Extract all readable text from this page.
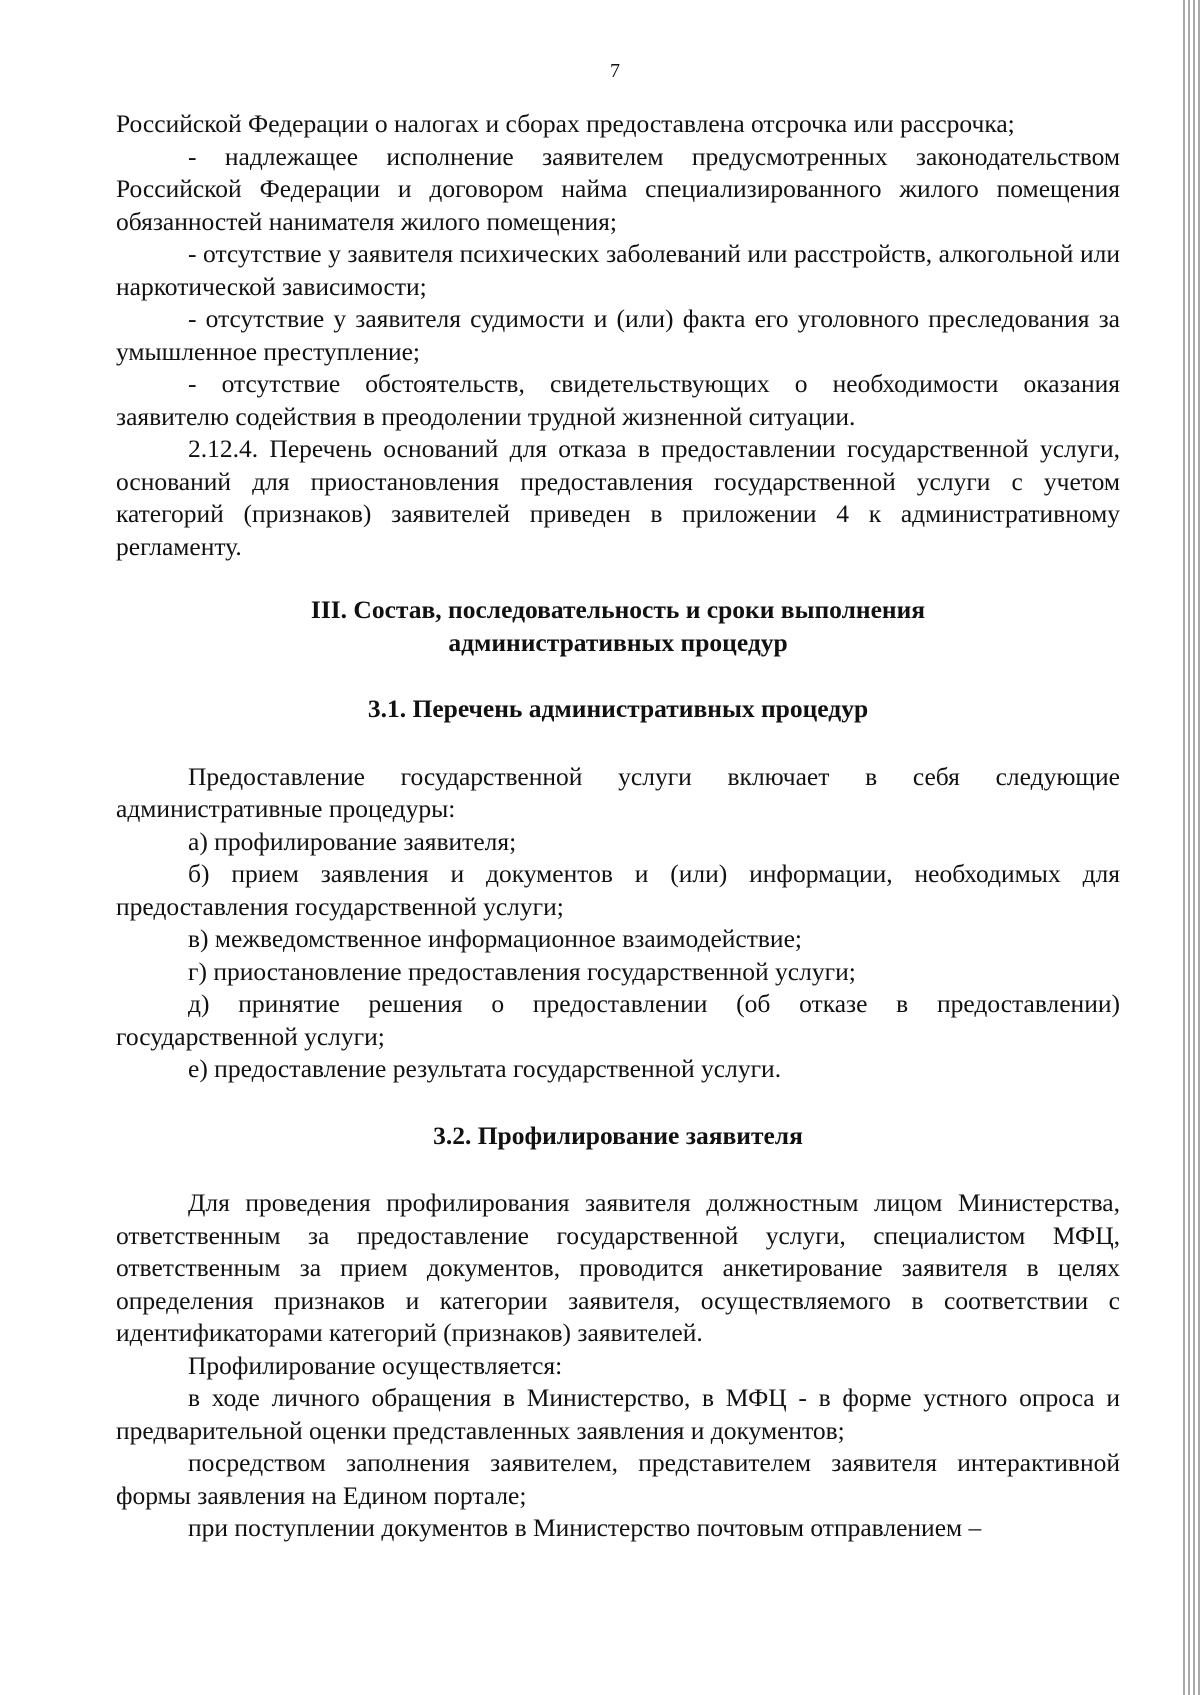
7

Российской Федерации о налогах и сборах предоставлена отсрочка или рассрочка;

- надлежащее исполнение заявителем предусмотренных законодательством Российской Федерации и договором найма специализированного жилого помещения обязанностей нанимателя жилого помещения;

- отсутствие у заявителя психических заболеваний или расстройств, алкогольной или наркотической зависимости;

- отсутствие у заявителя судимости и (или) факта его уголовного преследования за умышленное преступление;

- отсутствие обстоятельств, свидетельствующих о необходимости оказания заявителю содействия в преодолении трудной жизненной ситуации.

2.12.4. Перечень оснований для отказа в предоставлении государственной услуги, оснований для приостановления предоставления государственной услуги с учетом категорий (признаков) заявителей приведен в приложении 4 к административному регламенту.

III. Состав, последовательность и сроки выполнения

административных процедур

3.1. Перечень административных процедур

Предоставление государственной услуги включает в себя следующие административные процедуры:

а) профилирование заявителя;

б) прием заявления и документов и (или) информации, необходимых для предоставления государственной услуги;

в) межведомственное информационное взаимодействие;

г) приостановление предоставления государственной услуги;

д) принятие решения о предоставлении (об отказе в предоставлении) государственной услуги;

е) предоставление результата государственной услуги.

3.2. Профилирование заявителя

Для проведения профилирования заявителя должностным лицом Министерства, ответственным за предоставление государственной услуги, специалистом МФЦ, ответственным за прием документов, проводится анкетирование заявителя в целях определения признаков и категории заявителя, осуществляемого в соответствии с идентификаторами категорий (признаков) заявителей.

Профилирование осуществляется:

в ходе личного обращения в Министерство, в МФЦ - в форме устного опроса и предварительной оценки представленных заявления и документов;

посредством заполнения заявителем, представителем заявителя интерактивной формы заявления на Едином портале;

при поступлении документов в Министерство почтовым отправлением –
